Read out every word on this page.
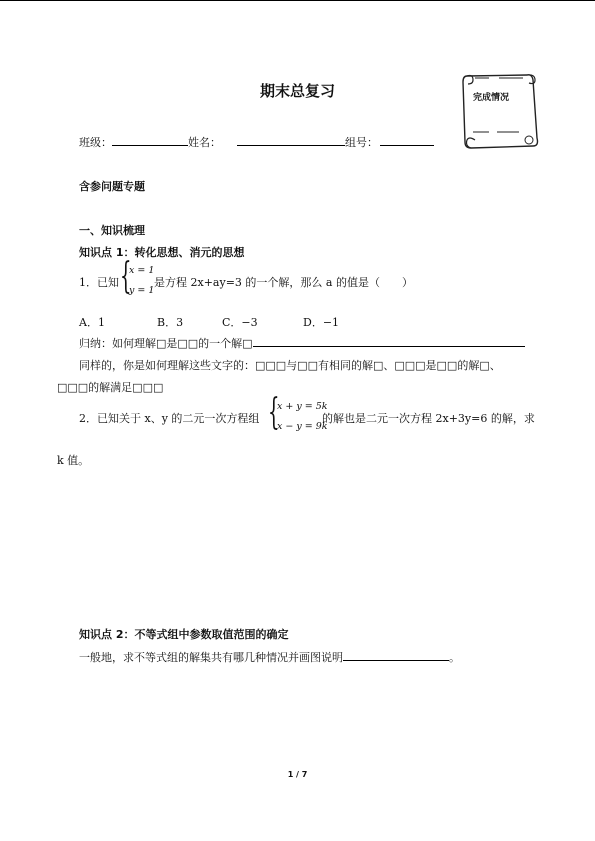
期末总复习	完成情况
班级：	姓名：	组号：
含参问题专题
一、知识梳理
知识点 1：转化思想、消元的思想
1．已知 {
x = 1
y = 1
是方程 2x+ay=3 的一个解，那么 a 的值是（　　）
A．1	B．3	C．−3	D．−1
归纳：如何理解□是□□的一个解□
同样的，你是如何理解这些文字的：□□□与□□有相同的解□、□□□是□□的解□、
□□□的解满足□□□
2．已知关于 x、y 的二元一次方程组 {
x + y = 5k
x − y = 9k
的解也是二元一次方程 2x+3y=6 的解，求
k 值。
知识点 2：不等式组中参数取值范围的确定
一般地，求不等式组的解集共有哪几种情况并画图说明	。
1 / 7
